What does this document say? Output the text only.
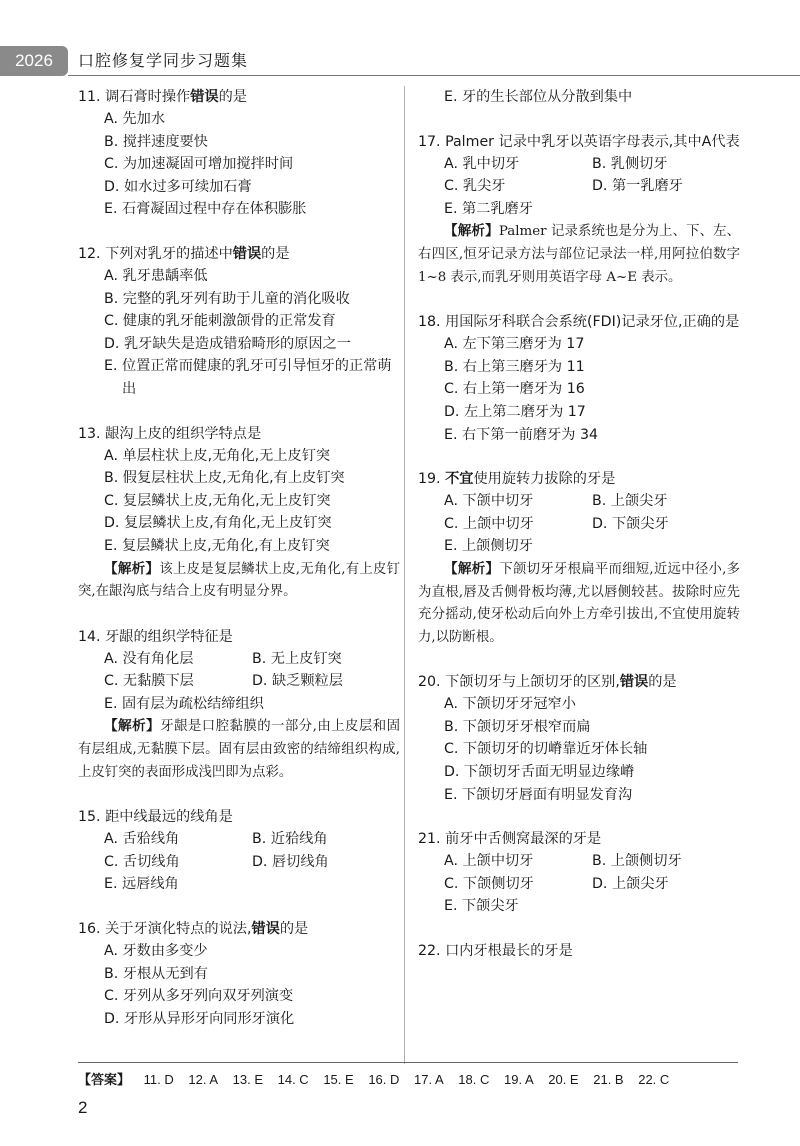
2026	口腔修复学同步习题集
11. 调石膏时操作错误的是
A. 先加水
B. 搅拌速度要快
C. 为加速凝固可增加搅拌时间
D. 如水过多可续加石膏
E. 石膏凝固过程中存在体积膨胀
12. 下列对乳牙的描述中错误的是
A. 乳牙患龋率低
B. 完整的乳牙列有助于儿童的消化吸收
C. 健康的乳牙能刺激颌骨的正常发育
D. 乳牙缺失是造成错𬌗畸形的原因之一
E. 位置正常而健康的乳牙可引导恒牙的正常萌出
13. 龈沟上皮的组织学特点是
A. 单层柱状上皮,无角化,无上皮钉突
B. 假复层柱状上皮,无角化,有上皮钉突
C. 复层鳞状上皮,无角化,无上皮钉突
D. 复层鳞状上皮,有角化,无上皮钉突
E. 复层鳞状上皮,无角化,有上皮钉突
【解析】该上皮是复层鳞状上皮,无角化,有上皮钉突,在龈沟底与结合上皮有明显分界。
14. 牙龈的组织学特征是
A. 没有角化层	B. 无上皮钉突
C. 无黏膜下层	D. 缺乏颗粒层
E. 固有层为疏松结缔组织
【解析】牙龈是口腔黏膜的一部分,由上皮层和固有层组成,无黏膜下层。固有层由致密的结缔组织构成,上皮钉突的表面形成浅凹即为点彩。
15. 距中线最远的线角是
A. 舌𬌗线角	B. 近𬌗线角
C. 舌切线角	D. 唇切线角
E. 远唇线角
16. 关于牙演化特点的说法,错误的是
A. 牙数由多变少
B. 牙根从无到有
C. 牙列从多牙列向双牙列演变
D. 牙形从异形牙向同形牙演化
E. 牙的生长部位从分散到集中
17. Palmer 记录中乳牙以英语字母表示,其中A代表
A. 乳中切牙	B. 乳侧切牙
C. 乳尖牙	D. 第一乳磨牙
E. 第二乳磨牙
【解析】Palmer 记录系统也是分为上、下、左、右四区,恒牙记录方法与部位记录法一样,用阿拉伯数字 1~8 表示,而乳牙则用英语字母 A~E 表示。
18. 用国际牙科联合会系统(FDI)记录牙位,正确的是
A. 左下第三磨牙为 17
B. 右上第三磨牙为 11
C. 右上第一磨牙为 16
D. 左上第二磨牙为 17
E. 右下第一前磨牙为 34
19. 不宜使用旋转力拔除的牙是
A. 下颌中切牙	B. 上颌尖牙
C. 上颌中切牙	D. 下颌尖牙
E. 上颌侧切牙
【解析】下颌切牙牙根扁平而细短,近远中径小,多为直根,唇及舌侧骨板均薄,尤以唇侧较甚。拔除时应先充分摇动,使牙松动后向外上方牵引拔出,不宜使用旋转力,以防断根。
20. 下颌切牙与上颌切牙的区别,错误的是
A. 下颌切牙牙冠窄小
B. 下颌切牙牙根窄而扁
C. 下颌切牙的切嵴靠近牙体长轴
D. 下颌切牙舌面无明显边缘嵴
E. 下颌切牙唇面有明显发育沟
21. 前牙中舌侧窝最深的牙是
A. 上颌中切牙	B. 上颌侧切牙
C. 下颌侧切牙	D. 上颌尖牙
E. 下颌尖牙
22. 口内牙根最长的牙是
【答案】 11. D 12. A 13. E 14. C 15. E 16. D 17. A 18. C 19. A 20. E 21. B 22. C
2
